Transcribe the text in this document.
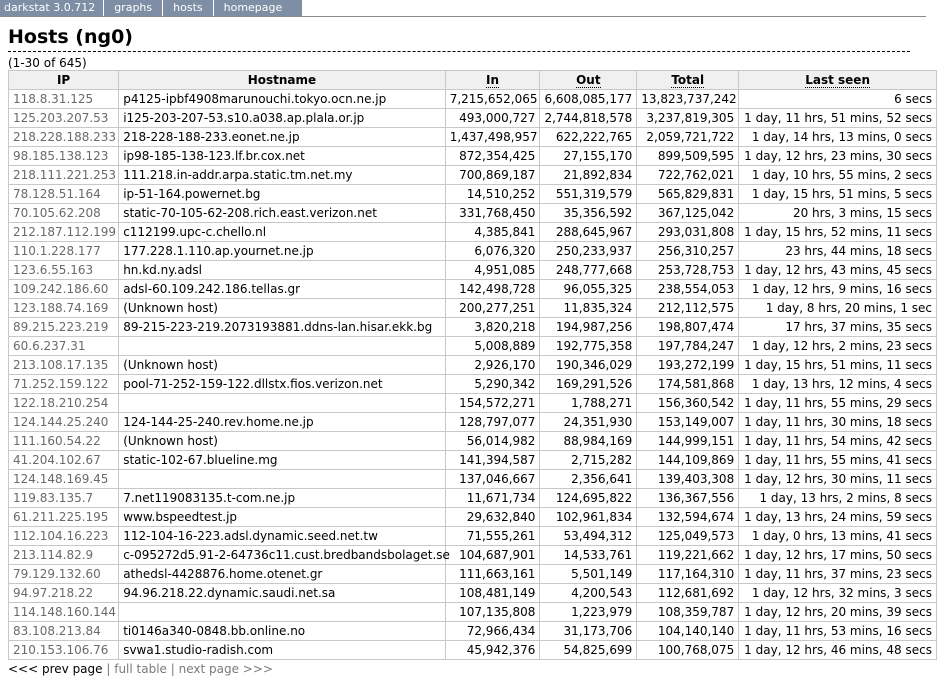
darkstat 3.0.712	graphs	hosts	homepage
Hosts (ng0)
(1-30 of 645)
IP	Hostname	In	Out	Total	Last seen
118.8.31.125	p4125-ipbf4908marunouchi.tokyo.ocn.ne.jp	7,215,652,065	6,608,085,177	13,823,737,242	6 secs
125.203.207.53	i125-203-207-53.s10.a038.ap.plala.or.jp	493,000,727	2,744,818,578	3,237,819,305	1 day, 11 hrs, 51 mins, 52 secs
218.228.188.233	218-228-188-233.eonet.ne.jp	1,437,498,957	622,222,765	2,059,721,722	1 day, 14 hrs, 13 mins, 0 secs
98.185.138.123	ip98-185-138-123.lf.br.cox.net	872,354,425	27,155,170	899,509,595	1 day, 12 hrs, 23 mins, 30 secs
218.111.221.253	111.218.in-addr.arpa.static.tm.net.my	700,869,187	21,892,834	722,762,021	1 day, 10 hrs, 55 mins, 2 secs
78.128.51.164	ip-51-164.powernet.bg	14,510,252	551,319,579	565,829,831	1 day, 15 hrs, 51 mins, 5 secs
70.105.62.208	static-70-105-62-208.rich.east.verizon.net	331,768,450	35,356,592	367,125,042	20 hrs, 3 mins, 15 secs
212.187.112.199	c112199.upc-c.chello.nl	4,385,841	288,645,967	293,031,808	1 day, 15 hrs, 52 mins, 11 secs
110.1.228.177	177.228.1.110.ap.yournet.ne.jp	6,076,320	250,233,937	256,310,257	23 hrs, 44 mins, 18 secs
123.6.55.163	hn.kd.ny.adsl	4,951,085	248,777,668	253,728,753	1 day, 12 hrs, 43 mins, 45 secs
109.242.186.60	adsl-60.109.242.186.tellas.gr	142,498,728	96,055,325	238,554,053	1 day, 12 hrs, 9 mins, 16 secs
123.188.74.169	(Unknown host)	200,277,251	11,835,324	212,112,575	1 day, 8 hrs, 20 mins, 1 sec
89.215.223.219	89-215-223-219.2073193881.ddns-lan.hisar.ekk.bg	3,820,218	194,987,256	198,807,474	17 hrs, 37 mins, 35 secs
60.6.237.31		5,008,889	192,775,358	197,784,247	1 day, 12 hrs, 2 mins, 23 secs
213.108.17.135	(Unknown host)	2,926,170	190,346,029	193,272,199	1 day, 15 hrs, 51 mins, 11 secs
71.252.159.122	pool-71-252-159-122.dllstx.fios.verizon.net	5,290,342	169,291,526	174,581,868	1 day, 13 hrs, 12 mins, 4 secs
122.18.210.254		154,572,271	1,788,271	156,360,542	1 day, 11 hrs, 55 mins, 29 secs
124.144.25.240	124-144-25-240.rev.home.ne.jp	128,797,077	24,351,930	153,149,007	1 day, 11 hrs, 30 mins, 18 secs
111.160.54.22	(Unknown host)	56,014,982	88,984,169	144,999,151	1 day, 11 hrs, 54 mins, 42 secs
41.204.102.67	static-102-67.blueline.mg	141,394,587	2,715,282	144,109,869	1 day, 11 hrs, 55 mins, 41 secs
124.148.169.45		137,046,667	2,356,641	139,403,308	1 day, 12 hrs, 30 mins, 11 secs
119.83.135.7	7.net119083135.t-com.ne.jp	11,671,734	124,695,822	136,367,556	1 day, 13 hrs, 2 mins, 8 secs
61.211.225.195	www.bspeedtest.jp	29,632,840	102,961,834	132,594,674	1 day, 13 hrs, 24 mins, 59 secs
112.104.16.223	112-104-16-223.adsl.dynamic.seed.net.tw	71,555,261	53,494,312	125,049,573	1 day, 0 hrs, 13 mins, 41 secs
213.114.82.9	c-095272d5.91-2-64736c11.cust.bredbandsbolaget.se	104,687,901	14,533,761	119,221,662	1 day, 12 hrs, 17 mins, 50 secs
79.129.132.60	athedsl-4428876.home.otenet.gr	111,663,161	5,501,149	117,164,310	1 day, 11 hrs, 37 mins, 23 secs
94.97.218.22	94.96.218.22.dynamic.saudi.net.sa	108,481,149	4,200,543	112,681,692	1 day, 12 hrs, 32 mins, 3 secs
114.148.160.144		107,135,808	1,223,979	108,359,787	1 day, 12 hrs, 20 mins, 39 secs
83.108.213.84	ti0146a340-0848.bb.online.no	72,966,434	31,173,706	104,140,140	1 day, 11 hrs, 53 mins, 16 secs
210.153.106.76	svwa1.studio-radish.com	45,942,376	54,825,699	100,768,075	1 day, 12 hrs, 46 mins, 48 secs
<<< prev page | full table | next page >>>
